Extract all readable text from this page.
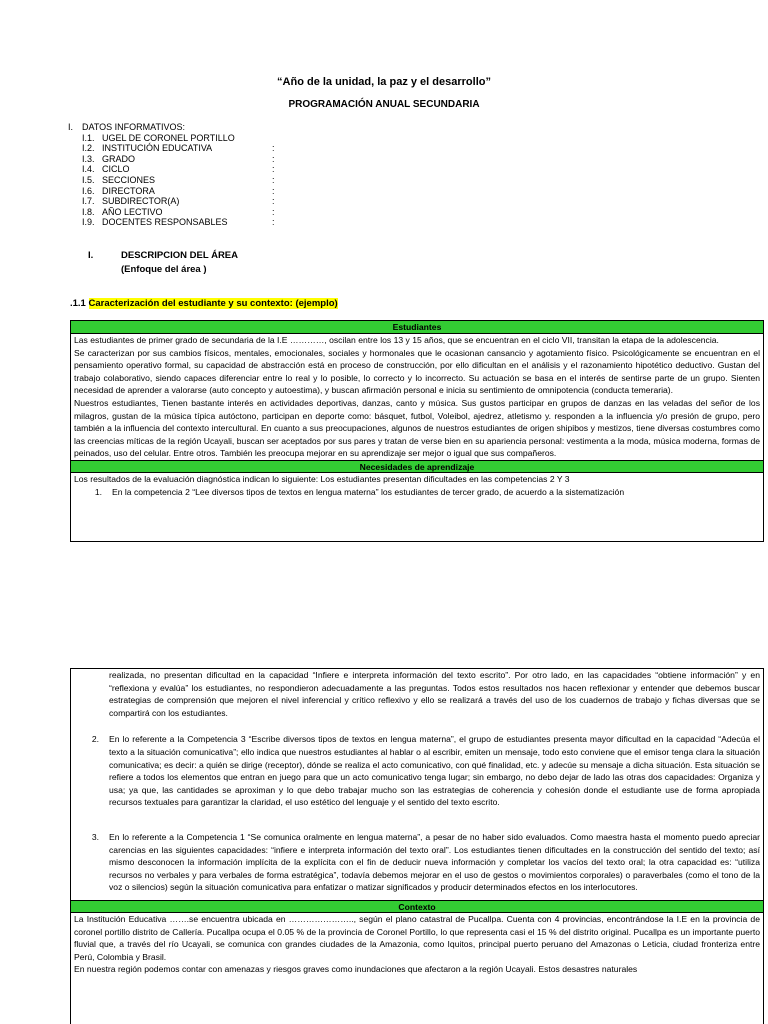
“Año de la unidad, la paz y el desarrollo”
PROGRAMACIÓN ANUAL SECUNDARIA
I. DATOS INFORMATIVOS:
I.1. UGEL DE CORONEL PORTILLO
I.2. INSTITUCIÓN EDUCATIVA	:
I.3. GRADO	:
I.4. CICLO	:
I.5. SECCIONES	:
I.6. DIRECTORA	:
I.7. SUBDIRECTOR(A)	:
I.8. AÑO LECTIVO	:
I.9. DOCENTES RESPONSABLES	:
I.	DESCRIPCION DEL ÁREA
(Enfoque del área )
.1.1 Caracterización del estudiante y su contexto: (ejemplo)
Estudiantes

Las estudiantes de primer grado de secundaria de la I.E …………, oscilan entre los 13 y 15 años, que se encuentran en el ciclo VII, transitan la etapa de la adolescencia.

Se caracterizan por sus cambios físicos, mentales, emocionales, sociales y hormonales que le ocasionan cansancio y agotamiento físico. Psicológicamente se encuentran en el pensamiento operativo formal, su capacidad de abstracción está en proceso de construcción, por ello dificultan en el análisis y el razonamiento hipotético deductivo. Gustan del trabajo colaborativo, siendo capaces diferenciar entre lo real y lo posible, lo correcto y lo incorrecto. Su actuación se basa en el interés de sentirse parte de un grupo. Sienten necesidad de aprender a valorarse (auto concepto y autoestima), y buscan afirmación personal e inicia su sentimiento de omnipotencia (conducta temeraria).

Nuestros estudiantes, Tienen bastante interés en actividades deportivas, danzas, canto y música. Sus gustos participar en grupos de danzas en las veladas del señor de los milagros, gustan de la música típica autóctono, participan en deporte como: básquet, futbol, Voleibol, ajedrez, atletismo y. responden a la influencia y/o presión de grupo, pero también a la influencia del contexto intercultural. En cuanto a sus preocupaciones, algunos de nuestros estudiantes de origen shipibos y mestizos, tiene diversas costumbres como las creencias míticas de la región Ucayali, buscan ser aceptados por sus pares y tratan de verse bien en su apariencia personal: vestimenta a la moda, música moderna, formas de peinados, uso del celular. Entre otros. También les preocupa mejorar en su aprendizaje ser mejor o igual que sus compañeros.

Necesidades de aprendizaje

Los resultados de la evaluación diagnóstica indican lo siguiente: Los estudiantes presentan dificultades en las competencias 2 Y 3

1.	En la competencia 2 “Lee diversos tipos de textos en lengua materna” los estudiantes de tercer grado, de acuerdo a la sistematización
realizada, no presentan dificultad en la capacidad “Infiere e interpreta información del texto escrito”. Por otro lado, en las capacidades “obtiene información” y en “reflexiona y evalúa” los estudiantes, no respondieron adecuadamente a las preguntas. Todos estos resultados nos hacen reflexionar y entender que debemos buscar estrategias de comprensión que mejoren el nivel inferencial y crítico reflexivo y ello se realizará a través del uso de los cuadernos de trabajo y fichas diversas que se compartirá con los estudiantes.
2.	En lo referente a la Competencia 3 “Escribe diversos tipos de textos en lengua materna”, el grupo de estudiantes presenta mayor dificultad en la capacidad “Adecúa el texto a la situación comunicativa”; ello indica que nuestros estudiantes al hablar o al escribir, emiten un mensaje, todo esto conviene que el emisor tenga clara la situación comunicativa; es decir: a quién se dirige (receptor), dónde se realiza el acto comunicativo, con qué finalidad, etc. y adecúe su mensaje a dicha situación. Esta situación se refiere a todos los elementos que entran en juego para que un acto comunicativo tenga lugar; sin embargo, no debo dejar de lado las otras dos capacidades: Organiza y usa; ya que, las cantidades se aproximan y lo que debo trabajar mucho son las estrategias de coherencia y cohesión donde el estudiante use de forma apropiada recursos textuales para garantizar la claridad, el uso estético del lenguaje y el sentido del texto escrito.
3.	En lo referente a la Competencia 1 “Se comunica oralmente en lengua materna”, a pesar de no haber sido evaluados. Como maestra hasta el momento puedo apreciar carencias en las siguientes capacidades: “infiere e interpreta información del texto oral”. Los estudiantes tienen dificultades en la construcción del sentido del texto; así mismo desconocen la información implícita de la explícita con el fin de deducir nueva información y completar los vacíos del texto oral; la otra capacidad es: “utiliza recursos no verbales y para verbales de forma estratégica”, todavía debemos mejorar en el uso de gestos o movimientos corporales) o paraverbales (como el tono de la voz o silencios) según la situación comunicativa para enfatizar o matizar significados y producir determinados efectos en los interlocutores.
Contexto

La Institución Educativa …….se encuentra ubicada en ………………….., según el plano catastral de Pucallpa. Cuenta con 4 provincias, encontrándose la I.E en la provincia de coronel portillo distrito de Callería. Pucallpa ocupa el 0.05 % de la provincia de Coronel Portillo, lo que representa casi el 15 % del distrito original. Pucallpa es un importante puerto fluvial que, a través del río Ucayali, se comunica con grandes ciudades de la Amazonia, como Iquitos, principal puerto peruano del Amazonas o Leticia, ciudad fronteriza entre Perú, Colombia y Brasil.

En nuestra región podemos contar con amenazas y riesgos graves como inundaciones que afectaron a la región Ucayali. Estos desastres naturales
